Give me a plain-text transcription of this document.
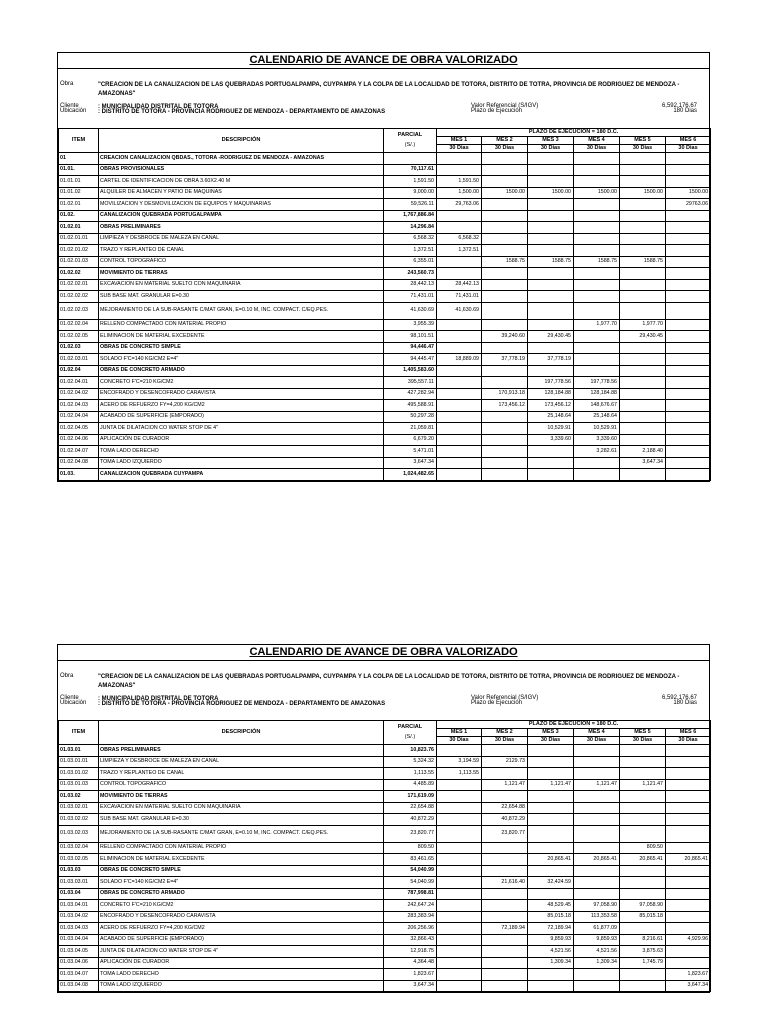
CALENDARIO DE AVANCE DE OBRA VALORIZADO
Obra	"CREACION DE LA CANALIZACION DE LAS QUEBRADAS PORTUGALPAMPA, CUYPAMPA Y LA COLPA DE LA LOCALIDAD DE TOTORA, DISTRITO DE TOTRA, PROVINCIA DE RODRIGUEZ DE MENDOZA - AMAZONAS"
Cliente	: MUNICIPALIDAD DISTRITAL DE TOTORA	Valor Referencial (S/IGV)	6,592,176.67
Ubicación : DISTRITO DE TOTORA - PROVINCIA RODRIGUEZ DE MENDOZA - DEPARTAMENTO DE AMAZONAS	Plazo de Ejecución	180 Dias
ITEM	DESCRIPCIÓN	PARCIAL
(S/.)	PLAZO DE EJECUCION = 180 D.C.					
			MES 1	MES 2	MES 3	MES 4	MES 5	MES 6
			30 Dias	30 Dias	30 Dias	30 Dias	30 Dias	30 Dias
01	CREACION CANALIZACION QBDAS., TOTORA -RODRIGUEZ DE MENDOZA - AMAZONAS							
01.01.	OBRAS PROVISIONALES	70,117.61						
01.01.01	CARTEL DE IDENTIFICACION DE OBRA 3.60X2.40 M	1,591.50	1,591.50					
01.01.02	ALQUILER DE ALMACEN Y PATIO DE MAQUINAS	9,000.00	1,500.00	1500.00	1500.00	1500.00	1500.00	1500.00
01.02.01	MOVILIZACION Y DESMOVILIZACION DE EQUIPOS Y MAQUINARIAS	59,526.11	29,763.06					29763.06
01.02.	CANALIZACION QUEBRADA PORTUGALPAMPA	1,767,886.84						
01.02.01	OBRAS PRELIMINARES	14,296.84						
01.02.01.01	LIMPIEZA Y DESBROCE DE MALEZA EN CANAL	6,568.32	6,568.32					
01.02.01.02	TRAZO Y REPLANTEO DE CANAL	1,372.51	1,372.51					
01.02.01.03	CONTROL TOPOGRAFICO	6,355.01		1588.75	1588.75	1588.75	1588.75	
01.02.02	MOVIMIENTO DE TIERRAS	243,560.73						
01.02.02.01	EXCAVACION EN MATERIAL SUELTO CON MAQUINARIA	28,442.13	28,442.13					
01.02.02.02	SUB BASE MAT. GRANULAR E=0.30	71,431.01	71,431.01					
01.02.02.03	MEJORAMIENTO DE LA SUB-RASANTE C/MAT GRAN, E=0.10 M, INC. COMPACT. C/EQ.PES.	41,630.69	41,630.69					
01.02.02.04	RELLENO COMPACTADO CON MATERIAL PROPIO	3,955.39				1,977.70	1,977.70	
01.02.02.05	ELIMINACION DE MATERIAL EXCEDENTE	98,101.51		39,240.60	29,430.45		29,430.45	
01.02.03	OBRAS DE CONCRETO SIMPLE	94,446.47						
01.02.03.01	SOLADO F'C=140 KG/CM2 E=4"	94,445.47	18,889.09	37,778.19	37,778.19			
01.02.04	OBRAS DE CONCRETO ARMADO	1,405,583.60						
01.02.04.01	CONCRETO F'C=210 KG/CM2	395,557.11			197,778.56	197,778.56		
01.02.04.02	ENCOFRADO Y DESENCOFRADO CARAVISTA	427,282.94		170,913.18	128,184.88	128,184.88		
01.02.04.03	ACERO DE REFUERZO FY=4,200 KG/CM2	495,588.91		173,456.12	173,456.12	148,676.67		
01.02.04.04	ACABADO DE SUPERFICIE (EMPORADO)	50,297.28			25,148.64	25,148.64		
01.02.04.05	JUNTA DE DILATACION CO WATER STOP DE 4"	21,059.81			10,529.91	10,529.91		
01.02.04.06	APLICACIÓN DE CURADOR	6,679.20			3,339.60	3,339.60		
01.02.04.07	TOMA LADO DERECHO	5,471.01				3,282.61	2,188.40	
01.02.04.08	TOMA LADO IZQUIERDO	3,647.34					3,647.34	
01.03.	CANALIZACION QUEBRADA CUYPAMPA	1,024,482.65						
CALENDARIO DE AVANCE DE OBRA VALORIZADO
Obra	"CREACION DE LA CANALIZACION DE LAS QUEBRADAS PORTUGALPAMPA, CUYPAMPA Y LA COLPA DE LA LOCALIDAD DE TOTORA, DISTRITO DE TOTRA, PROVINCIA DE RODRIGUEZ DE MENDOZA - AMAZONAS"
Cliente	: MUNICIPALIDAD DISTRITAL DE TOTORA	Valor Referencial (S/IGV)	6,592,176.67
Ubicación : DISTRITO DE TOTORA - PROVINCIA RODRIGUEZ DE MENDOZA - DEPARTAMENTO DE AMAZONAS	Plazo de Ejecución	180 Dias
ITEM	DESCRIPCIÓN	PARCIAL
(S/.)	PLAZO DE EJECUCION = 180 D.C.					
			MES 1	MES 2	MES 3	MES 4	MES 5	MES 6
			30 Dias	30 Dias	30 Dias	30 Dias	30 Dias	30 Dias
01.03.01	OBRAS PRELIMINARES	10,823.76						
01.03.01.01	LIMPIEZA Y DESBROCE DE MALEZA EN CANAL	5,324.32	3,194.59	2129.73				
01.03.01.02	TRAZO Y REPLANTEO DE CANAL	1,113.55	1,113.55					
01.03.01.03	CONTROL TOPOGRAFICO	4,485.89		1,121.47	1,121.47	1,121.47	1,121.47	
01.03.02	MOVIMIENTO DE TIERRAS	171,619.09						
01.03.02.01	EXCAVACION EN MATERIAL SUELTO CON MAQUINARIA	22,654.88		22,654.88				
01.03.02.02	SUB BASE MAT. GRANULAR E=0.30	40,872.29		40,872.29				
01.03.02.03	MEJORAMIENTO DE LA SUB-RASANTE C/MAT GRAN, E=0.10 M, INC. COMPACT. C/EQ.PES.	23,820.77		23,820.77				
01.03.02.04	RELLENO COMPACTADO CON MATERIAL PROPIO	809.50					809.50	
01.03.02.05	ELIMINACION DE MATERIAL EXCEDENTE	83,461.65			20,865.41	20,865.41	20,865.41	20,865.41
01.03.03	OBRAS DE CONCRETO SIMPLE	54,040.99						
01.03.03.01	SOLADO F'C=140 KG/CM2 E=4"	54,040.99		21,616.40	32,424.59			
01.03.04	OBRAS DE CONCRETO ARMADO	787,998.81						
01.03.04.01	CONCRETO F'C=210 KG/CM2	242,647.24			48,529.45	97,058.90	97,058.90	
01.03.04.02	ENCOFRADO Y DESENCOFRADO CARAVISTA	283,383.94			85,015.18	113,353.58	85,015.18	
01.03.04.03	ACERO DE REFUERZO FY=4,200 KG/CM2	206,256.96		72,189.94	72,189.94	61,877.09		
01.03.04.04	ACABADO DE SUPERFICIE (EMPORADO)	32,866.43			9,859.93	9,859.93	8,216.61	4,929.96
01.03.04.05	JUNTA DE DILATACION CO WATER STOP DE 4"	12,918.75			4,521.56	4,521.56	3,875.63	
01.03.04.06	APLICACIÓN DE CURADOR	4,364.48			1,309.34	1,309.34	1,745.79	
01.03.04.07	TOMA LADO DERECHO	1,823.67						1,823.67
01.03.04.08	TOMA LADO IZQUIERDO	3,647.34						3,647.34
